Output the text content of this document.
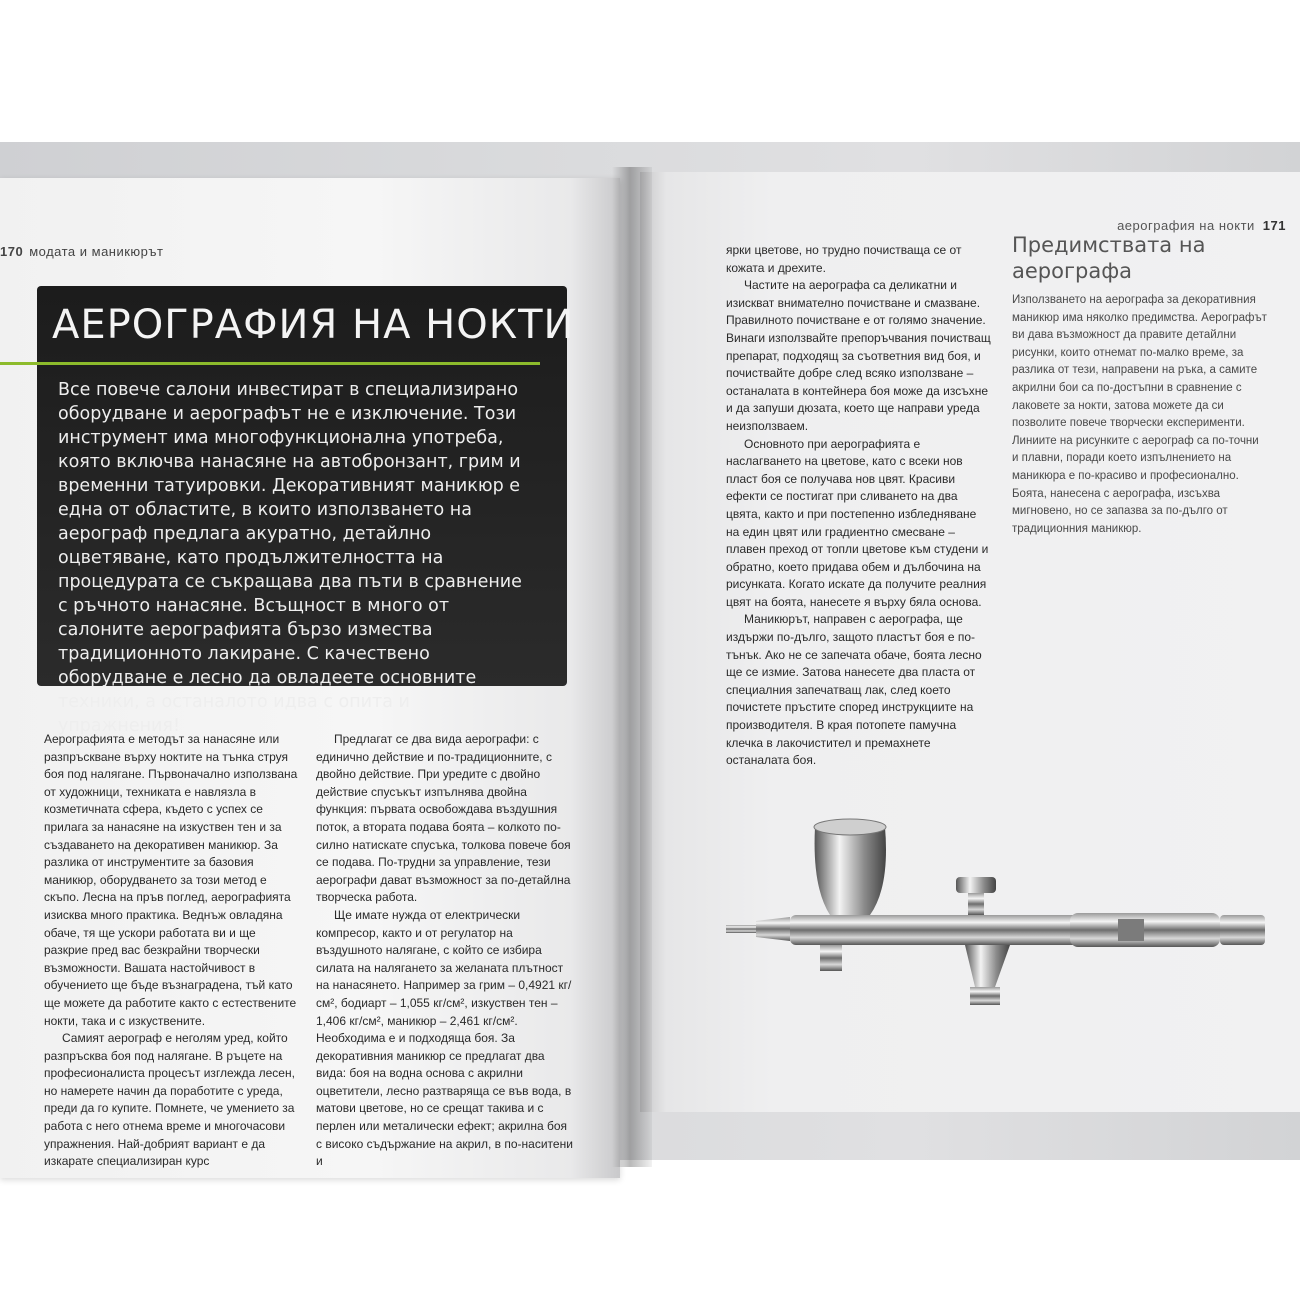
170 модата и маникюрът
АЕРОГРАФИЯ НА НОКТИ
Все повече салони инвестират в специализирано оборудване и аерографът не е изключение. Този инструмент има многофункционална употреба, която включва нанасяне на автобронзант, грим и временни татуировки. Декоративният маникюр е една от областите, в които използването на аерограф предлага акуратно, детайлно оцветяване, като продължителността на процедурата се съкращава два пъти в сравнение с ръчното нанасяне. Всъщност в много от салоните аерографията бързо измества традиционното лакиране. С качествено оборудване е лесно да овладеете основните техники, а останалото идва с опита и упражнения!

Аерографията е методът за нанасяне или разпръскване върху ноктите на тънка струя боя под налягане. Първоначално използвана от художници, техниката е навлязла в козметичната сфера, където с успех се прилага за нанасяне на изкуствен тен и за създаването на декоративен маникюр. За разлика от инструментите за базовия маникюр, оборудването за този метод е скъпо. Лесна на пръв поглед, аерографията изисква много практика. Веднъж овладяна обаче, тя ще ускори работата ви и ще разкрие пред вас безкрайни творчески възможности. Вашата настойчивост в обучението ще бъде възнаградена, тъй като ще можете да работите както с естествените нокти, така и с изкуствените.

Самият аерограф е неголям уред, който разпръсква боя под налягане. В ръцете на професионалиста процесът изглежда лесен, но намерете начин да поработите с уреда, преди да го купите. Помнете, че умението за работа с него отнема време и многочасови упражнения. Най-добрият вариант е да изкарате специализиран курс

Предлагат се два вида аерографи: с единично действие и по-традиционните, с двойно действие. При уредите с двойно действие спусъкът изпълнява двойна функция: първата освобождава въздушния поток, а втората подава боята – колкото по-силно натискате спусъка, толкова повече боя се подава. По-трудни за управление, тези аерографи дават възможност за по-детайлна творческа работа.

Ще имате нужда от електрически компресор, както и от регулатор на въздушното налягане, с който се избира силата на налягането за желаната плътност на нанасянето. Например за грим – 0,4921 кг/см², бодиарт – 1,055 кг/см², изкуствен тен – 1,406 кг/см², маникюр – 2,461 кг/см². Необходима е и подходяща боя. За декоративния маникюр се предлагат два вида: боя на водна основа с акрилни оцветители, лесно разтваряща се във вода, в матови цветове, но се срещат такива и с перлен или металически ефект; акрилна боя с високо съдържание на акрил, в по-наситени и

аерография на нокти 171

ярки цветове, но трудно почистваща се от кожата и дрехите.

Частите на аерографа са деликатни и изискват внимателно почистване и смазване. Правилното почистване е от голямо значение. Винаги използвайте препоръчвания почистващ препарат, подходящ за съответния вид боя, и почиствайте добре след всяко използване – останалата в контейнера боя може да изсъхне и да запуши дюзата, което ще направи уреда неизползваем.

Основното при аерографията е наслагването на цветове, като с всеки нов пласт боя се получава нов цвят. Красиви ефекти се постигат при сливането на два цвята, както и при постепенно избледняване на един цвят или градиентно смесване – плавен преход от топли цветове към студени и обратно, което придава обем и дълбочина на рисунката. Когато искате да получите реалния цвят на боята, нанесете я върху бяла основа.

Маникюрът, направен с аерографа, ще издържи по-дълго, защото пластът боя е по-тънък. Ако не се запечата обаче, боята лесно ще се измие. Затова нанесете два пласта от специалния запечатващ лак, след което почистете пръстите според инструкциите на производителя. В края потопете памучна клечка в лакочистител и премахнете останалата боя.

Предимствата на аерографа
Използването на аерографа за декоративния маникюр има няколко предимства. Аерографът ви дава възможност да правите детайлни рисунки, които отнемат по-малко време, за разлика от тези, направени на ръка, а самите акрилни бои са по-достъпни в сравнение с лаковете за нокти, затова можете да си позволите повече творчески експерименти. Линиите на рисунките с аерограф са по-точни и плавни, поради което изпълнението на маникюра е по-красиво и професионално. Боята, нанесена с аерографа, изсъхва мигновено, но се запазва за по-дълго от традиционния маникюр.
